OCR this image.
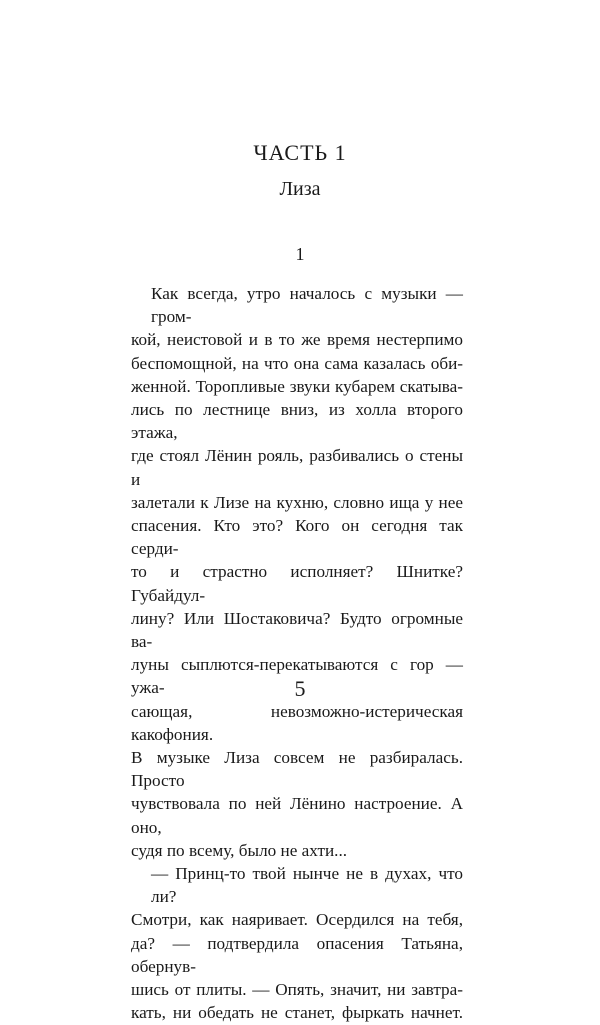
ЧАСТЬ 1
Лиза
1
Как всегда, утро началось с музыки — гром-
кой, неистовой и в то же время нестерпимо
беспомощной, на что она сама казалась оби-
женной. Торопливые звуки кубарем скатыва-
лись по лестнице вниз, из холла второго этажа,
где стоял Лёнин рояль, разбивались о стены и
залетали к Лизе на кухню, словно ища у нее
спасения. Кто это? Кого он сегодня так серди-
то и страстно исполняет? Шнитке? Губайдул-
лину? Или Шостаковича? Будто огромные ва-
луны сыплются-перекатываются с гор — ужа-
сающая, невозможно-истерическая какофония.
В музыке Лиза совсем не разбиралась. Просто
чувствовала по ней Лёнино настроение. А оно,
судя по всему, было не ахти...
— Принц-то твой нынче не в духах, что ли?
Смотри, как наяривает. Осердился на тебя,
да? — подтвердила опасения Татьяна, обернув-
шись от плиты. — Опять, значит, ни завтра-
кать, ни обедать не станет, фыркать начнет.
5
